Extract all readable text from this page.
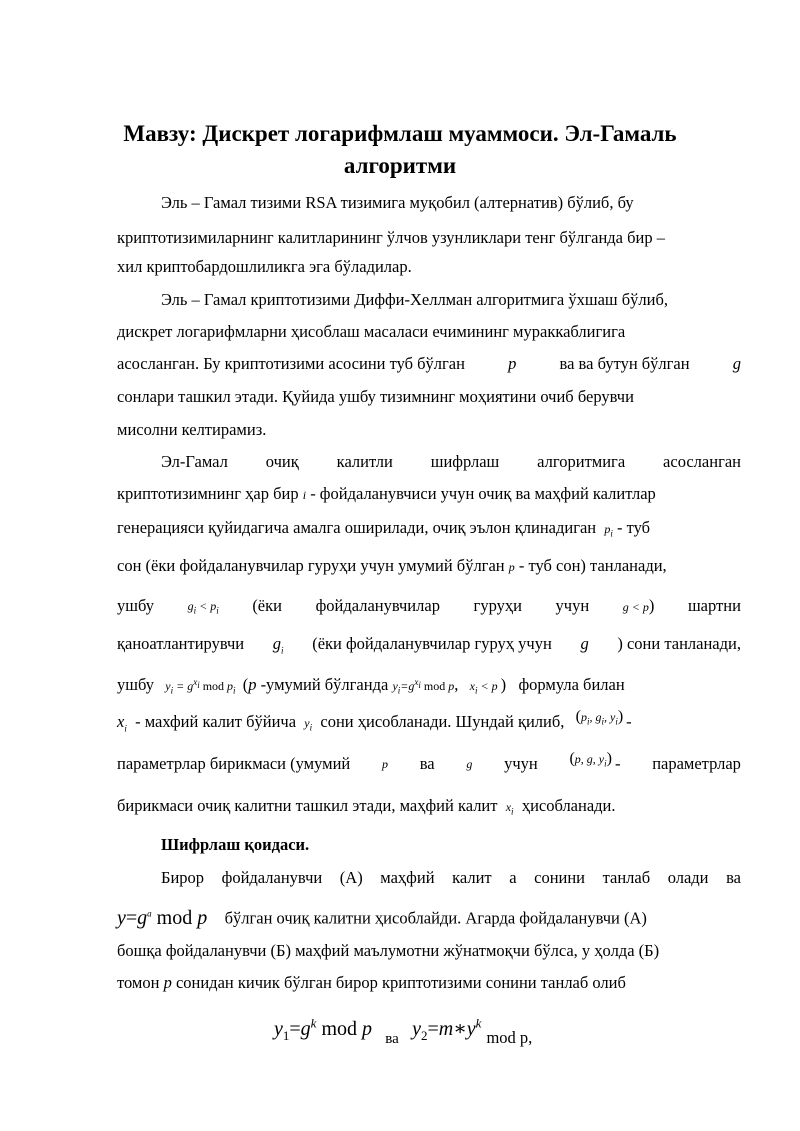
Мавзу: Дискрет логарифмлаш муаммоси. Эл-Гамаль
алгоритми
Эль – Гамал тизими RSA тизимига муқобил (алтернатив) бўлиб, бу
криптотизимиларнинг калитларининг ўлчов узунликлари тенг бўлганда бир –
хил криптобардошлиликга эга бўладилар.
Эль – Гамал криптотизими Диффи-Хеллман алгоритмига ўхшаш бўлиб,
дискрет логарифмларни ҳисоблаш масаласи ечимининг мураккаблигига
асосланган. Бу криптотизими асосини туб бўлган	p	ва ва бутун бўлган	g
сонлари ташкил этади. Қуйида ушбу тизимнинг моҳиятини очиб берувчи
мисолни келтирамиз.
Эл-Гамал очиқ калитли шифрлаш алгоритмига асосланган
криптотизимнинг ҳар бир i - фойдаланувчиси учун очиқ ва маҳфий калитлар
генерацияси қуйидагича амалга оширилади, очиқ эълон қлинадиган $p_i$ - туб
сон (ёки фойдаланувчилар гуруҳи учун умумий бўлган p - туб сон) танланади,
ушбу	$g_i < p_i$ (ёки фойдаланувчилар гуруҳи учун	g < p) шартни
қаноатлантирувчи $g_i$ (ёки фойдаланувчилар гуруҳ учун g ) сони танланади,
ушбу $y_i = g^{x_i}$ mod $p_i$  (p -умумий бўлганда $y_i=g^{x_i}$ mod p, $x_i < p$ )   формула билан
$x_i$ - махфий калит бўйича $y_i$ сони ҳисобланади. Шундай қилиб, $^{(p_i, g_i, y_i)}$ -
параметрлар бирикмаси (умумий	p ва	g учун $^{(p, g, y_i)}$ - параметрлар
бирикмаси очиқ калитни ташкил этади, маҳфий калит $x_i$ ҳисобланади.
Шифрлаш қоидаси.
Бирор фойдаланувчи (А) маҳфий калит а сонини танлаб олади ва
$y=g^a$ mod p бўлган очиқ калитни ҳисоблайди. Агарда фойдаланувчи (А)
бошқа фойдаланувчи (Б) маҳфий маълумотни жўнатмоқчи бўлса, у ҳолда (Б)
томон p сонидан кичик бўлган бирор криптотизими сонини танлаб олиб
$y_1=g^k$ mod p ва $y_2=m∗y^k$ mod p,
